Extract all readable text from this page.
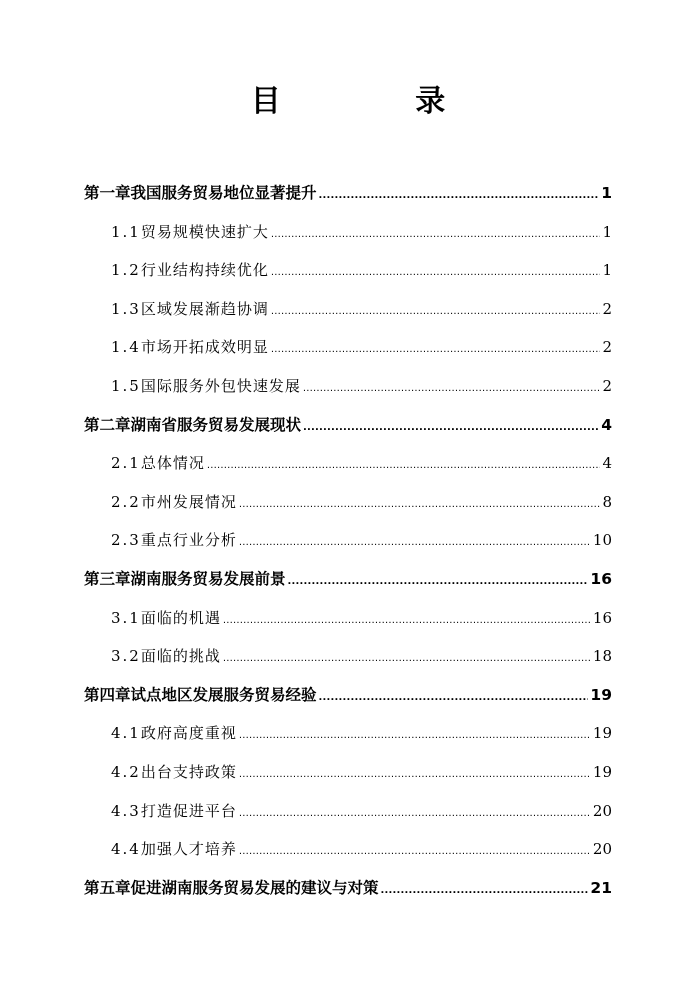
目 录
第一章 我国服务贸易地位显著提升 .....	1
1.1 贸易规模快速扩大 .....	1
1.2 行业结构持续优化 .....	1
1.3 区域发展渐趋协调 .....	2
1.4 市场开拓成效明显 .....	2
1.5 国际服务外包快速发展 .....	2
第二章 湖南省服务贸易发展现状 .....	4
2.1 总体情况 .....	4
2.2 市州发展情况 .....	8
2.3 重点行业分析 .....	10
第三章 湖南服务贸易发展前景 .....	16
3.1 面临的机遇 .....	16
3.2 面临的挑战 .....	18
第四章 试点地区发展服务贸易经验 .....	19
4.1 政府高度重视 .....	19
4.2 出台支持政策 .....	19
4.3 打造促进平台 .....	20
4.4 加强人才培养 .....	20
第五章 促进湖南服务贸易发展的建议与对策 .....	21
